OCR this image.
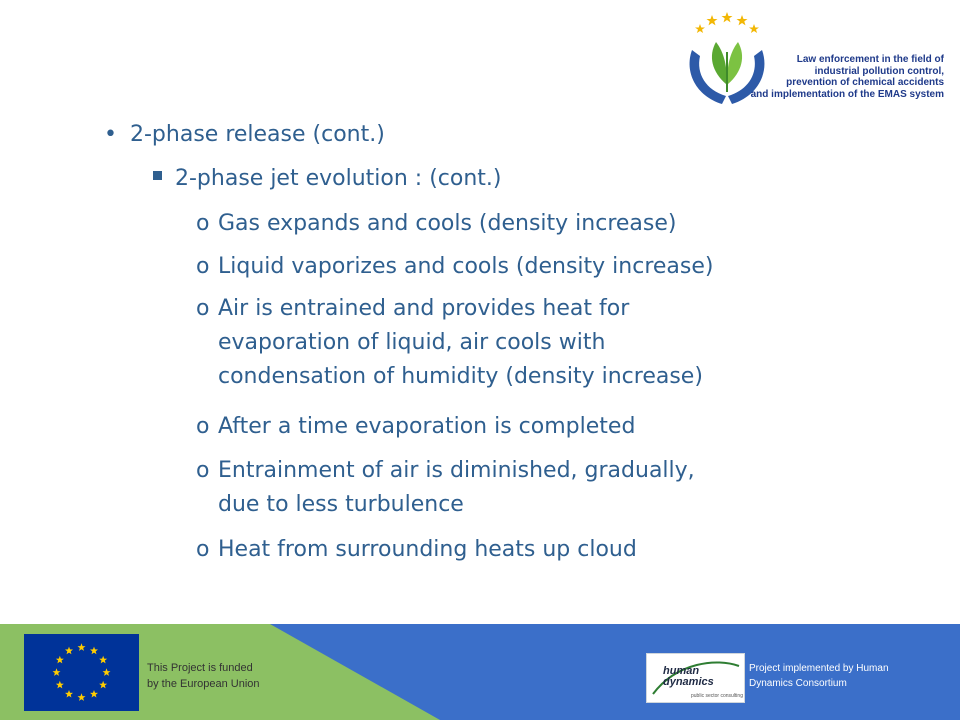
Law enforcement in the field of
industrial pollution control,
prevention of chemical accidents
and implementation of the EMAS system
• 2-phase release (cont.)
2-phase jet evolution : (cont.)
o Gas expands and cools (density increase)
o Liquid vaporizes and cools (density increase)
o Air is entrained and provides heat for
evaporation of liquid, air cools with
condensation of humidity (density increase)
o After a time evaporation is completed
o Entrainment of air is diminished, gradually,
due to less turbulence
o Heat from surrounding heats up cloud
This Project is funded
by the European Union
human
dynamics
public sector consulting
Project implemented by Human
Dynamics Consortium
